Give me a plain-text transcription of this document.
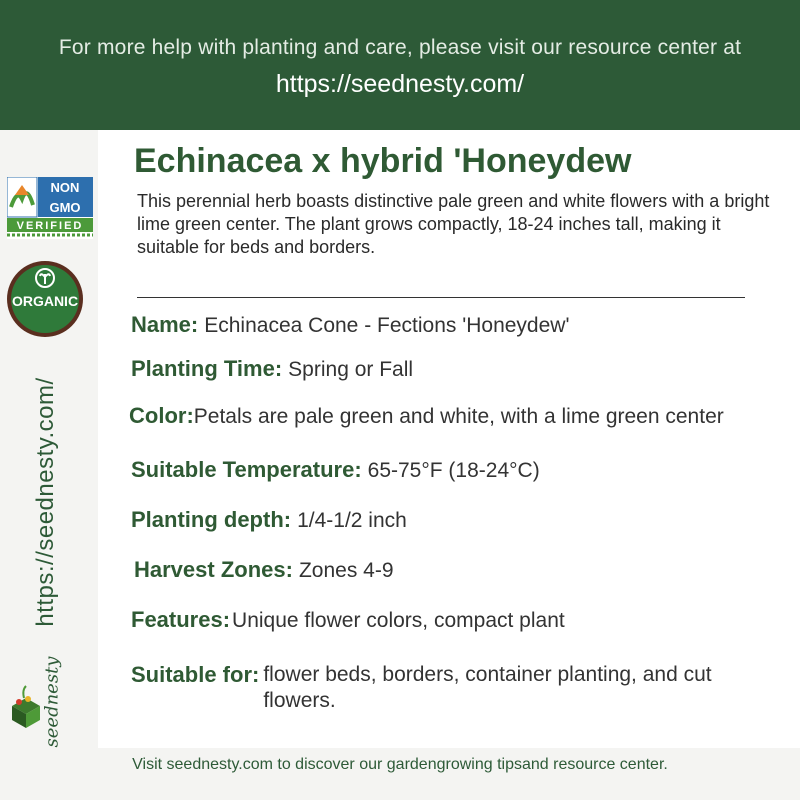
For more help with planting and care, please visit our resource center at
https://seednesty.com/
NON
GMO
VERIFIED
ORGANIC
https://seednesty.com/
seednesty
Echinacea x hybrid 'Honeydew
This perennial herb boasts distinctive pale green and white flowers with a bright lime green center. The plant grows compactly, 18-24 inches tall, making it suitable for beds and borders.
Name: Echinacea Cone - Fections 'Honeydew'
Planting Time: Spring or Fall
Color:Petals are pale green and white, with a lime green center
Suitable Temperature: 65-75°F (18-24°C)
Planting depth: 1/4-1/2 inch
Harvest Zones: Zones 4-9
Features:Unique flower colors, compact plant
Suitable for: flower beds, borders, container planting, and cut flowers.
Visit seednesty.com to discover our gardengrowing tipsand resource center.
